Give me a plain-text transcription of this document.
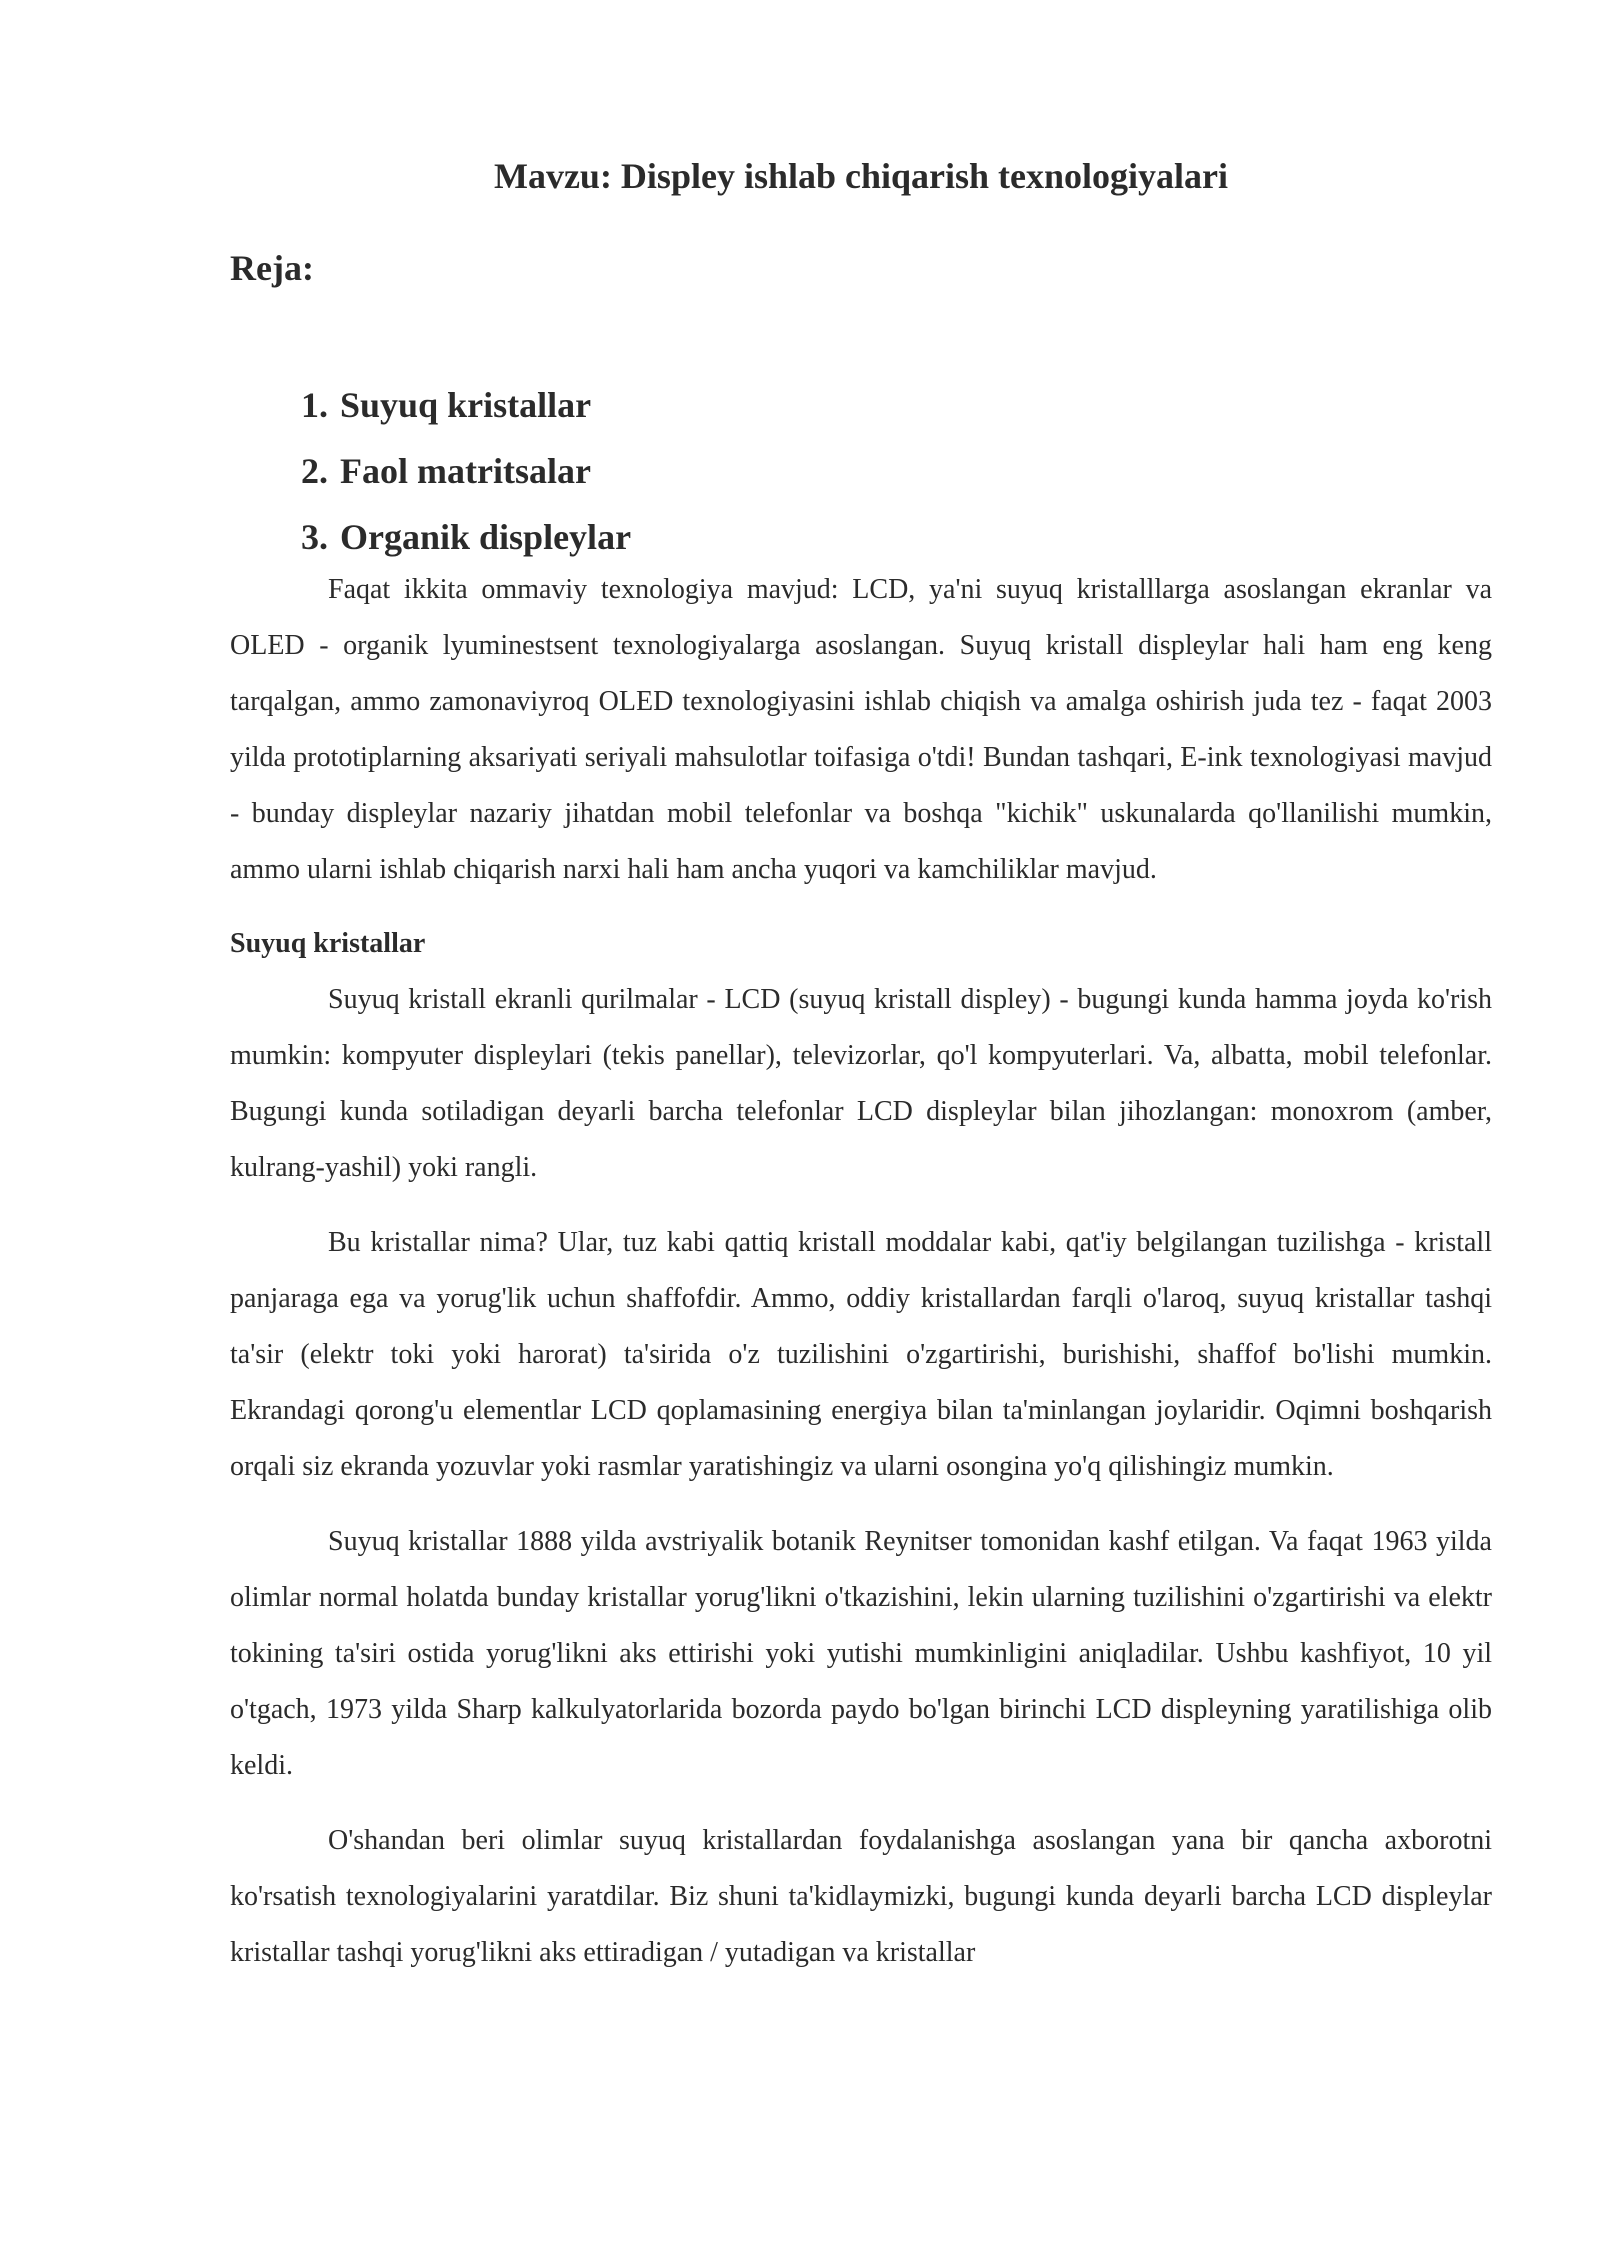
Mavzu: Displey ishlab chiqarish texnologiyalari
Reja:
1. Suyuq kristallar
2. Faol matritsalar
3. Organik displeylar

Faqat ikkita ommaviy texnologiya mavjud: LCD, ya'ni suyuq kristalllarga asoslangan ekranlar va OLED - organik lyuminestsent texnologiyalarga asoslangan. Suyuq kristall displeylar hali ham eng keng tarqalgan, ammo zamonaviyroq OLED texnologiyasini ishlab chiqish va amalga oshirish juda tez - faqat 2003 yilda prototiplarning aksariyati seriyali mahsulotlar toifasiga o'tdi! Bundan tashqari, E-ink texnologiyasi mavjud - bunday displeylar nazariy jihatdan mobil telefonlar va boshqa "kichik" uskunalarda qo'llanilishi mumkin, ammo ularni ishlab chiqarish narxi hali ham ancha yuqori va kamchiliklar mavjud.

Suyuq kristallar

Suyuq kristall ekranli qurilmalar - LCD (suyuq kristall displey) - bugungi kunda hamma joyda ko'rish mumkin: kompyuter displeylari (tekis panellar), televizorlar, qo'l kompyuterlari. Va, albatta, mobil telefonlar. Bugungi kunda sotiladigan deyarli barcha telefonlar LCD displeylar bilan jihozlangan: monoxrom (amber, kulrang-yashil) yoki rangli.

Bu kristallar nima? Ular, tuz kabi qattiq kristall moddalar kabi, qat'iy belgilangan tuzilishga - kristall panjaraga ega va yorug'lik uchun shaffofdir. Ammo, oddiy kristallardan farqli o'laroq, suyuq kristallar tashqi ta'sir (elektr toki yoki harorat) ta'sirida o'z tuzilishini o'zgartirishi, burishishi, shaffof bo'lishi mumkin. Ekrandagi qorong'u elementlar LCD qoplamasining energiya bilan ta'minlangan joylaridir. Oqimni boshqarish orqali siz ekranda yozuvlar yoki rasmlar yaratishingiz va ularni osongina yo'q qilishingiz mumkin.

Suyuq kristallar 1888 yilda avstriyalik botanik Reynitser tomonidan kashf etilgan. Va faqat 1963 yilda olimlar normal holatda bunday kristallar yorug'likni o'tkazishini, lekin ularning tuzilishini o'zgartirishi va elektr tokining ta'siri ostida yorug'likni aks ettirishi yoki yutishi mumkinligini aniqladilar. Ushbu kashfiyot, 10 yil o'tgach, 1973 yilda Sharp kalkulyatorlarida bozorda paydo bo'lgan birinchi LCD displeyning yaratilishiga olib keldi.

O'shandan beri olimlar suyuq kristallardan foydalanishga asoslangan yana bir qancha axborotni ko'rsatish texnologiyalarini yaratdilar. Biz shuni ta'kidlaymizki, bugungi kunda deyarli barcha LCD displeylar kristallar tashqi yorug'likni aks ettiradigan / yutadigan va kristallar
